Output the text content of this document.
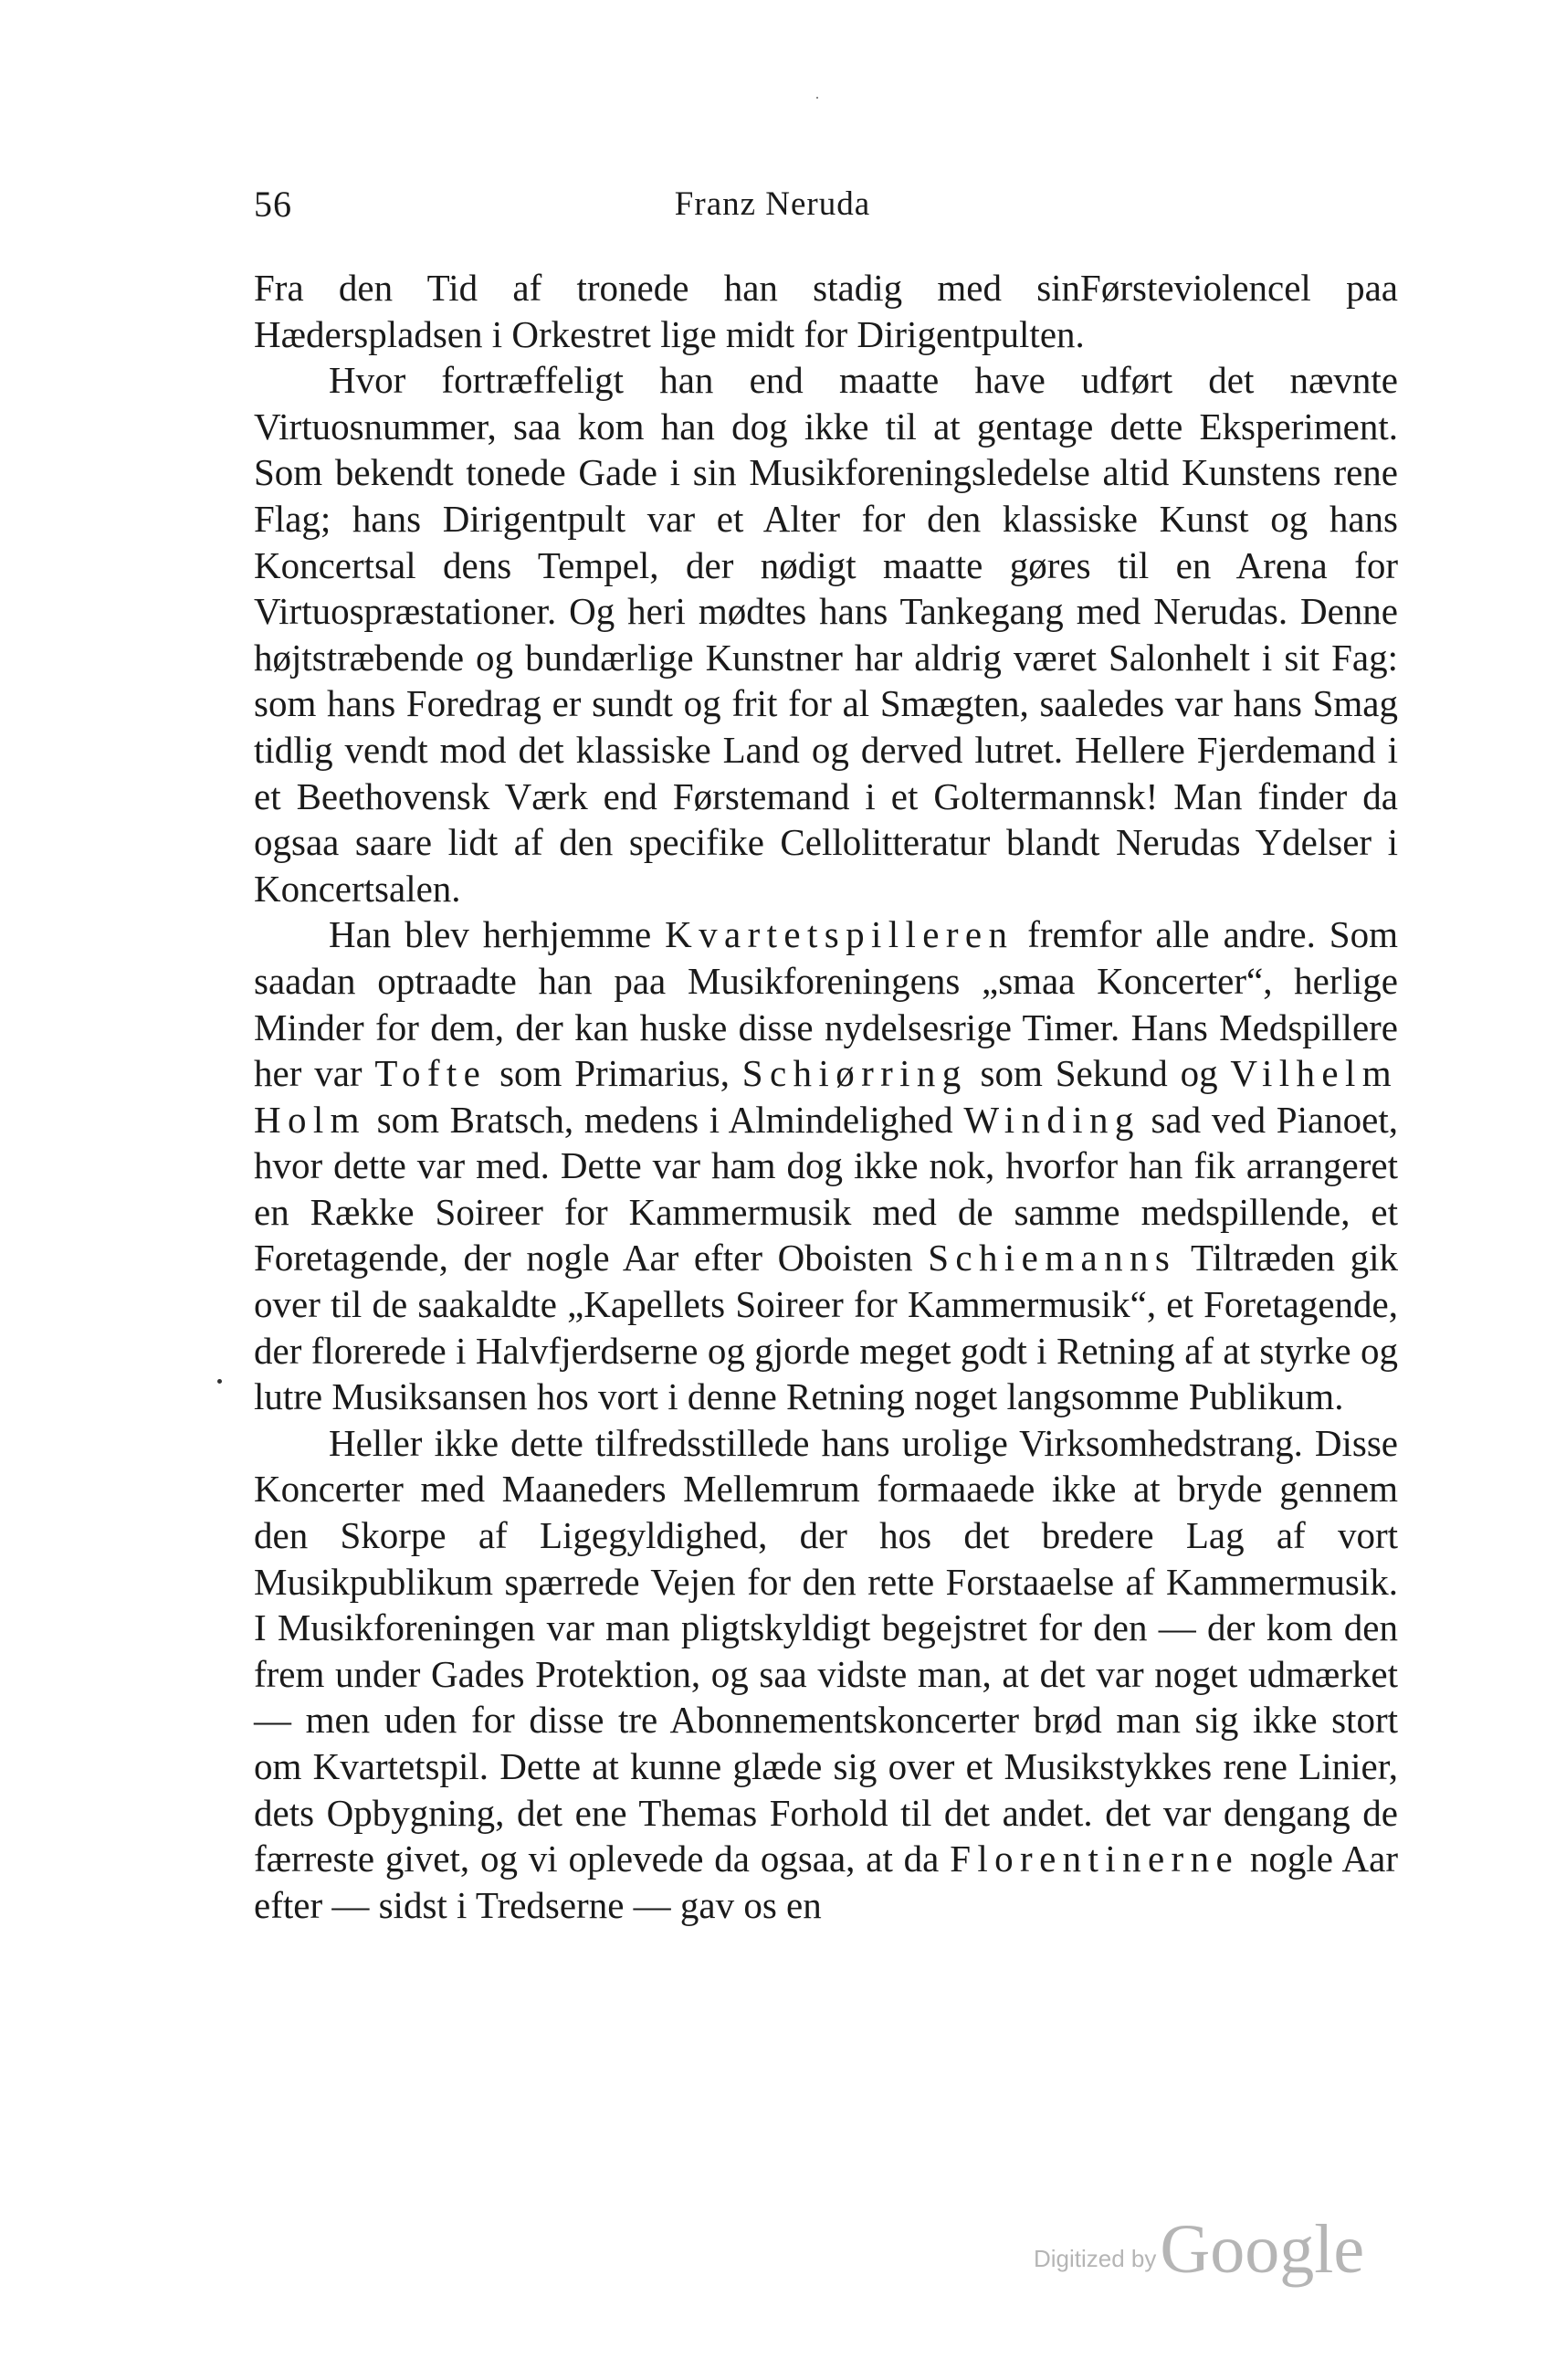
56	Franz Neruda

Fra den Tid af tronede han stadig med sinFørsteviolencel paa Hæderspladsen i Orkestret lige midt for Dirigentpulten.

Hvor fortræffeligt han end maatte have udført det nævnte Virtuosnummer, saa kom han dog ikke til at gentage dette Eksperiment. Som bekendt tonede Gade i sin Musikforeningsledelse altid Kunstens rene Flag; hans Dirigentpult var et Alter for den klassiske Kunst og hans Koncertsal dens Tempel, der nødigt maatte gøres til en Arena for Virtuospræstationer. Og heri mødtes hans Tankegang med Nerudas. Denne højtstræbende og bundærlige Kunstner har aldrig været Salonhelt i sit Fag: som hans Foredrag er sundt og frit for al Smægten, saaledes var hans Smag tidlig vendt mod det klassiske Land og derved lutret. Hellere Fjerdemand i et Beethovensk Værk end Førstemand i et Goltermannsk! Man finder da ogsaa saare lidt af den specifike Cellolitteratur blandt Nerudas Ydelser i Koncertsalen.

Han blev herhjemme Kvartetspilleren fremfor alle andre. Som saadan optraadte han paa Musikforeningens „smaa Koncerter“, herlige Minder for dem, der kan huske disse nydelsesrige Timer. Hans Medspillere her var Tofte som Primarius, Schiørring som Sekund og Vilhelm Holm som Bratsch, medens i Almindelighed Winding sad ved Pianoet, hvor dette var med. Dette var ham dog ikke nok, hvorfor han fik arrangeret en Række Soireer for Kammermusik med de samme medspillende, et Foretagende, der nogle Aar efter Oboisten Schiemanns Tiltræden gik over til de saakaldte „Kapellets Soireer for Kammermusik“, et Foretagende, der florerede i Halvfjerdserne og gjorde meget godt i Retning af at styrke og lutre Musiksansen hos vort i denne Retning noget langsomme Publikum.

Heller ikke dette tilfredsstillede hans urolige Virksomhedstrang. Disse Koncerter med Maaneders Mellemrum formaaede ikke at bryde gennem den Skorpe af Ligegyldighed, der hos det bredere Lag af vort Musikpublikum spærrede Vejen for den rette Forstaaelse af Kammermusik. I Musikforeningen var man pligtskyldigt begejstret for den — der kom den frem under Gades Protektion, og saa vidste man, at det var noget udmærket — men uden for disse tre Abonnementskoncerter brød man sig ikke stort om Kvartetspil. Dette at kunne glæde sig over et Musikstykkes rene Linier, dets Opbygning, det ene Themas Forhold til det andet. det var dengang de færreste givet, og vi oplevede da ogsaa, at da Florentinerne nogle Aar efter — sidst i Tredserne — gav os en

Digitized by Google
